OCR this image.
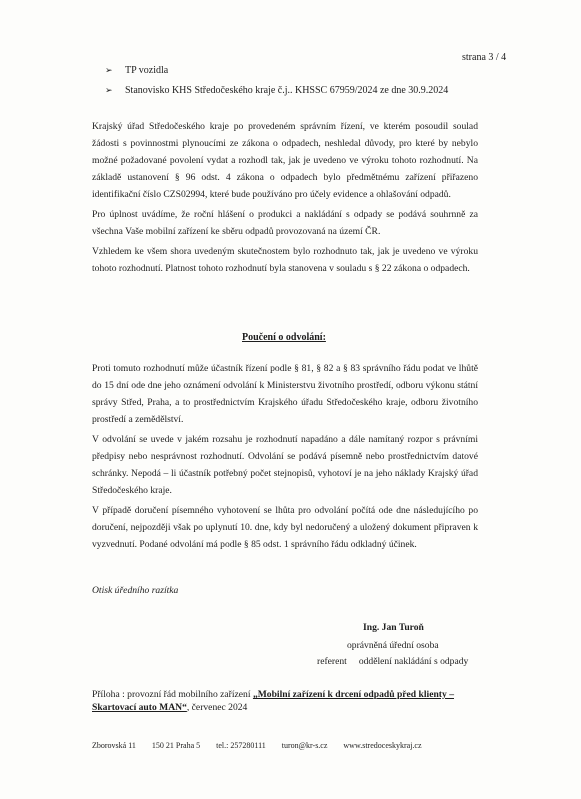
strana 3 / 4
➢ TP vozidla
➢ Stanovisko KHS Středočeského kraje č.j.. KHSSC 67959/2024 ze dne 30.9.2024

Krajský úřad Středočeského kraje po provedeném správním řízení, ve kterém posoudil soulad žádosti s povinnostmi plynoucími ze zákona o odpadech, neshledal důvody, pro které by nebylo možné požadované povolení vydat a rozhodl tak, jak je uvedeno ve výroku tohoto rozhodnutí. Na základě ustanovení § 96 odst. 4 zákona o odpadech bylo předmětnému zařízení přiřazeno identifikační číslo CZS02994, které bude používáno pro účely evidence a ohlašování odpadů.

Pro úplnost uvádíme, že roční hlášení o produkci a nakládání s odpady se podává souhrnně za všechna Vaše mobilní zařízení ke sběru odpadů provozovaná na území ČR.

Vzhledem ke všem shora uvedeným skutečnostem bylo rozhodnuto tak, jak je uvedeno ve výroku tohoto rozhodnutí. Platnost tohoto rozhodnutí byla stanovena v souladu s § 22 zákona o odpadech.

Poučení o odvolání:

Proti tomuto rozhodnutí může účastník řízení podle § 81, § 82 a § 83 správního řádu podat ve lhůtě do 15 dní ode dne jeho oznámení odvolání k Ministerstvu životního prostředí, odboru výkonu státní správy Střed, Praha, a to prostřednictvím Krajského úřadu Středočeského kraje, odboru životního prostředí a zemědělství.

V odvolání se uvede v jakém rozsahu je rozhodnutí napadáno a dále namítaný rozpor s právními předpisy nebo nesprávnost rozhodnutí. Odvolání se podává písemně nebo prostřednictvím datové schránky. Nepodá – li účastník potřebný počet stejnopisů, vyhotoví je na jeho náklady Krajský úřad Středočeského kraje.

V případě doručení písemného vyhotovení se lhůta pro odvolání počítá ode dne následujícího po doručení, nejpozději však po uplynutí 10. dne, kdy byl nedoručený a uložený dokument připraven k vyzvednutí. Podané odvolání má podle § 85 odst. 1 správního řádu odkladný účinek.

Otisk úředního razítka
Ing. Jan Turoň
oprávněná úřední osoba
referent oddělení nakládání s odpady
Příloha : provozní řád mobilního zařízení „Mobilní zařízení k drcení odpadů před klienty – Skartovací auto MAN“, červenec 2024
Zborovská 11 150 21 Praha 5 tel.: 257280111 turon@kr-s.cz www.stredoceskykraj.cz
